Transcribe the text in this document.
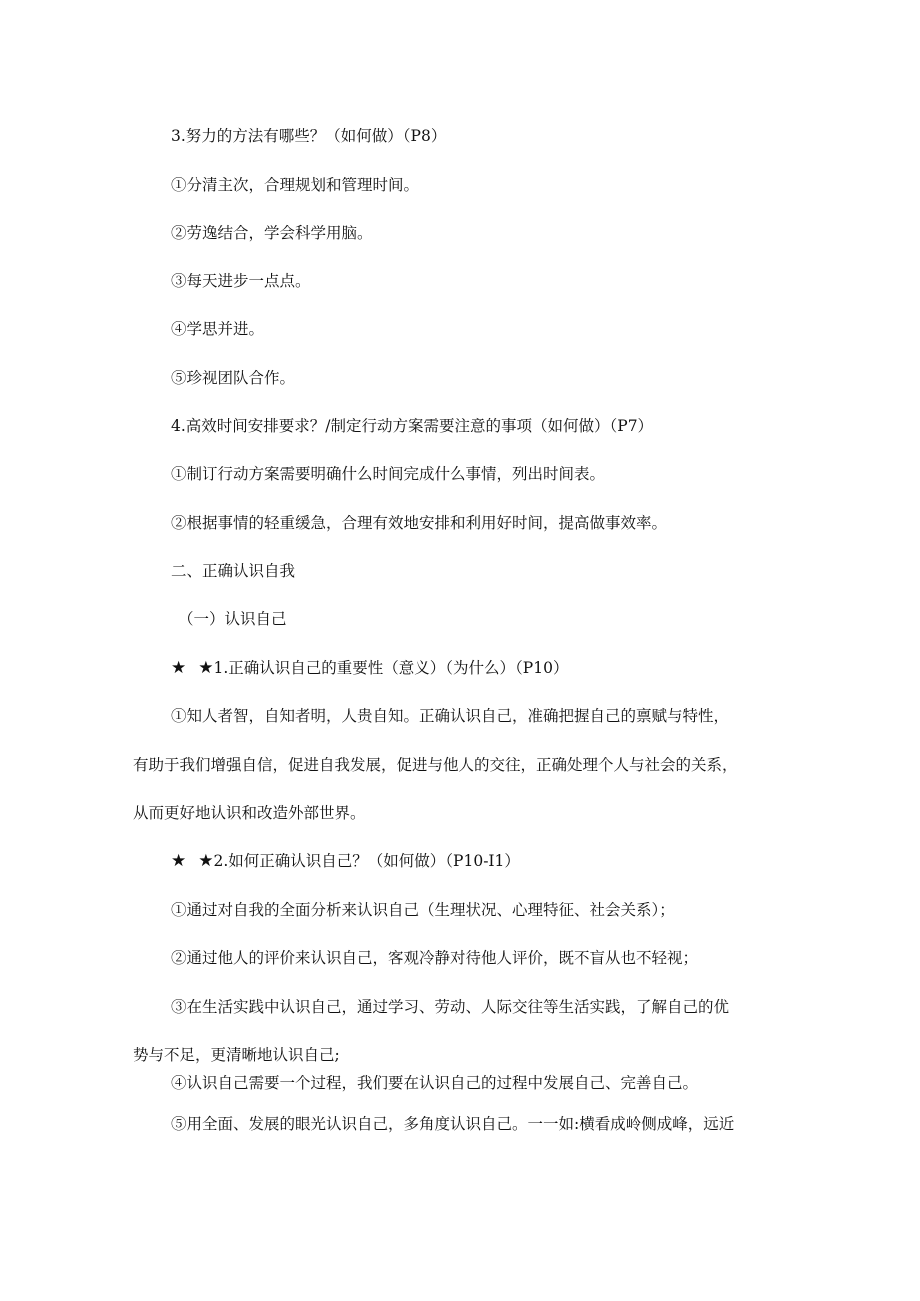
3.努力的方法有哪些？（如何做）（P8）
①分清主次，合理规划和管理时间。
②劳逸结合，学会科学用脑。
③每天进步一点点。
④学思并进。
⑤珍视团队合作。
4.高效时间安排要求？/制定行动方案需要注意的事项（如何做）（P7）
①制订行动方案需要明确什么时间完成什么事情，列出时间表。
②根据事情的轻重缓急，合理有效地安排和利用好时间，提高做事效率。
二、正确认识自我
（一）认识自己
★ ★1.正确认识自己的重要性（意义）（为什么）（P10）
①知人者智，自知者明，人贵自知。正确认识自己，准确把握自己的禀赋与特性，
有助于我们增强自信，促进自我发展，促进与他人的交往，正确处理个人与社会的关系，
从而更好地认识和改造外部世界。
★ ★2.如何正确认识自己？（如何做）（P10-I1）
①通过对自我的全面分析来认识自己（生理状况、心理特征、社会关系）；
②通过他人的评价来认识自己，客观冷静对待他人评价，既不盲从也不轻视；
③在生活实践中认识自己，通过学习、劳动、人际交往等生活实践，了解自己的优
势与不足，更清晰地认识自己;
④认识自己需要一个过程，我们要在认识自己的过程中发展自己、完善自己。
⑤用全面、发展的眼光认识自己，多角度认识自己。一一如:横看成岭侧成峰，远近
